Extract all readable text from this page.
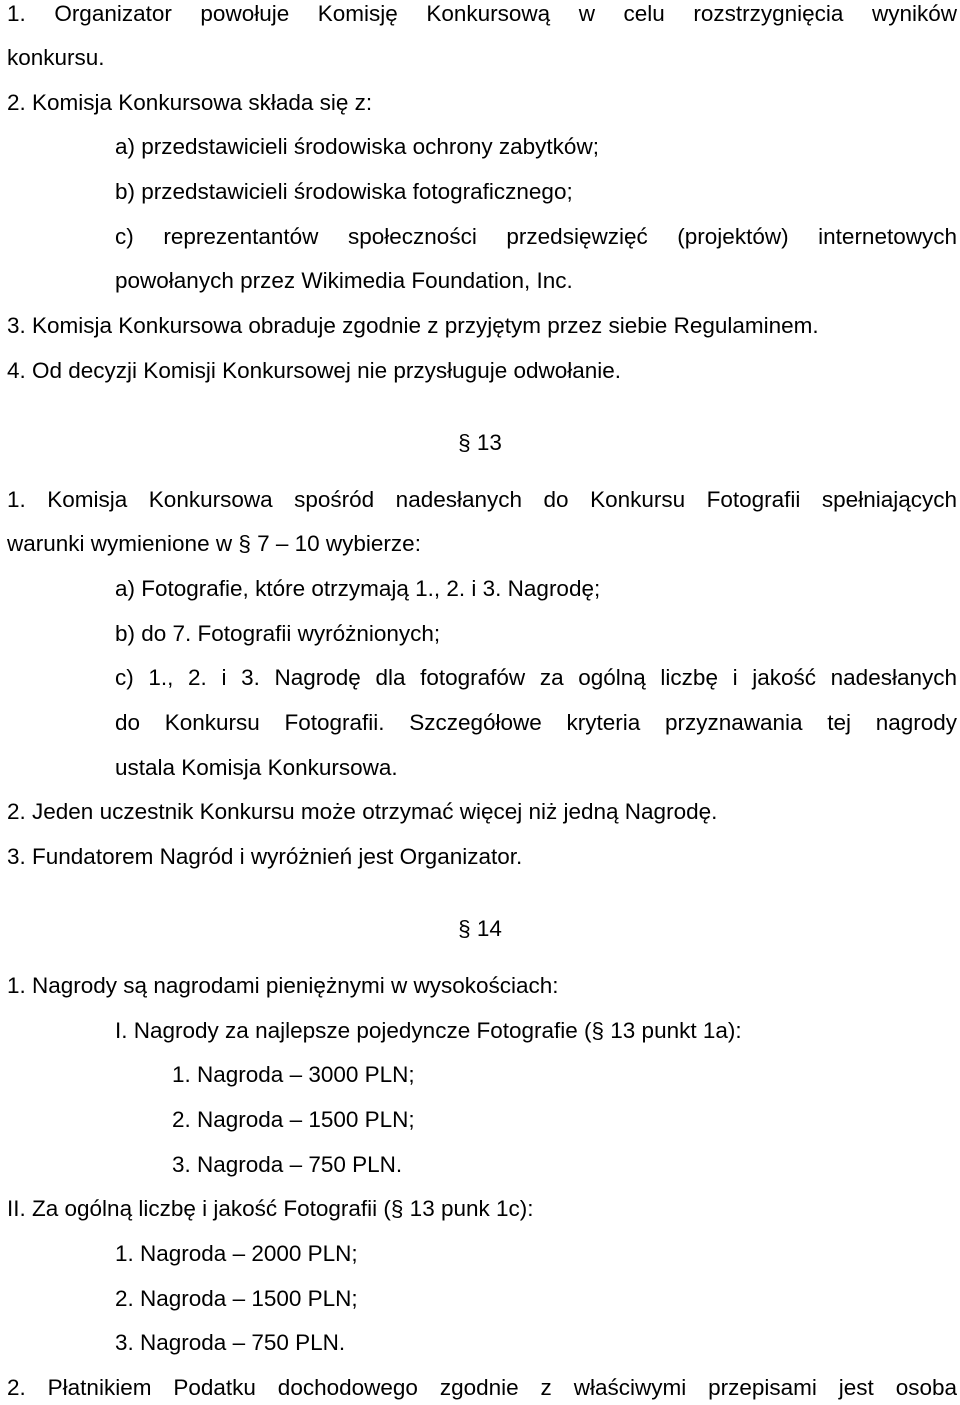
1. Organizator powołuje Komisję Konkursową w celu rozstrzygnięcia wyników
konkursu.
2. Komisja Konkursowa składa się z:
a) przedstawicieli środowiska ochrony zabytków;
b) przedstawicieli środowiska fotograficznego;
c) reprezentantów społeczności przedsięwzięć (projektów) internetowych
powołanych przez Wikimedia Foundation, Inc.
3. Komisja Konkursowa obraduje zgodnie z przyjętym przez siebie Regulaminem.
4. Od decyzji Komisji Konkursowej nie przysługuje odwołanie.
§ 13
1. Komisja Konkursowa spośród nadesłanych do Konkursu Fotografii spełniających
warunki wymienione w § 7 – 10 wybierze:
a) Fotografie, które otrzymają 1., 2. i 3. Nagrodę;
b) do 7. Fotografii wyróżnionych;
c) 1., 2. i 3. Nagrodę dla fotografów za ogólną liczbę i jakość nadesłanych
do Konkursu Fotografii. Szczegółowe kryteria przyznawania tej nagrody
ustala Komisja Konkursowa.
2. Jeden uczestnik Konkursu może otrzymać więcej niż jedną Nagrodę.
3. Fundatorem Nagród i wyróżnień jest Organizator.
§ 14
1. Nagrody są nagrodami pieniężnymi w wysokościach:
I. Nagrody za najlepsze pojedyncze Fotografie (§ 13 punkt 1a):
1. Nagroda – 3000 PLN;
2. Nagroda – 1500 PLN;
3. Nagroda – 750 PLN.
II. Za ogólną liczbę i jakość Fotografii (§ 13 punk 1c):
1. Nagroda – 2000 PLN;
2. Nagroda – 1500 PLN;
3. Nagroda – 750 PLN.
2. Płatnikiem Podatku dochodowego zgodnie z właściwymi przepisami jest osoba
